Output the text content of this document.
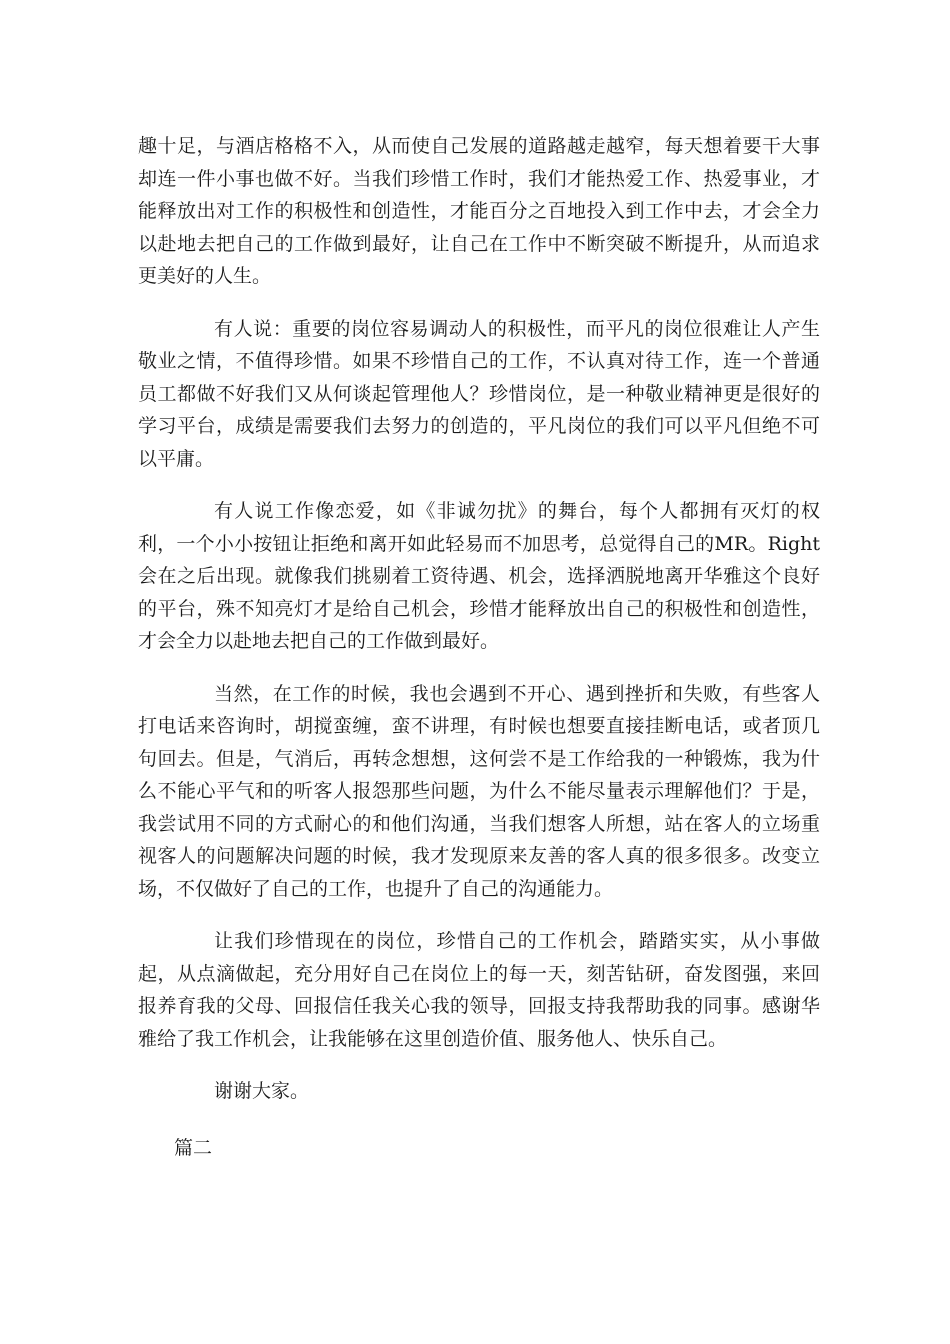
趣十足，与酒店格格不入，从而使自己发展的道路越走越窄，每天想着要干大事却连一件小事也做不好。当我们珍惜工作时，我们才能热爱工作、热爱事业，才能释放出对工作的积极性和创造性，才能百分之百地投入到工作中去，才会全力以赴地去把自己的工作做到最好，让自己在工作中不断突破不断提升，从而追求更美好的人生。

有人说：重要的岗位容易调动人的积极性，而平凡的岗位很难让人产生敬业之情，不值得珍惜。如果不珍惜自己的工作，不认真对待工作，连一个普通员工都做不好我们又从何谈起管理他人？珍惜岗位，是一种敬业精神更是很好的学习平台，成绩是需要我们去努力的创造的，平凡岗位的我们可以平凡但绝不可以平庸。

有人说工作像恋爱，如《非诚勿扰》的舞台，每个人都拥有灭灯的权利，一个小小按钮让拒绝和离开如此轻易而不加思考，总觉得自己的MR。Right会在之后出现。就像我们挑剔着工资待遇、机会，选择洒脱地离开华雅这个良好的平台，殊不知亮灯才是给自己机会，珍惜才能释放出自己的积极性和创造性，才会全力以赴地去把自己的工作做到最好。

当然，在工作的时候，我也会遇到不开心、遇到挫折和失败，有些客人打电话来咨询时，胡搅蛮缠，蛮不讲理，有时候也想要直接挂断电话，或者顶几句回去。但是，气消后，再转念想想，这何尝不是工作给我的一种锻炼，我为什么不能心平气和的听客人报怨那些问题，为什么不能尽量表示理解他们？于是，我尝试用不同的方式耐心的和他们沟通，当我们想客人所想，站在客人的立场重视客人的问题解决问题的时候，我才发现原来友善的客人真的很多很多。改变立场，不仅做好了自己的工作，也提升了自己的沟通能力。

让我们珍惜现在的岗位，珍惜自己的工作机会，踏踏实实，从小事做起，从点滴做起，充分用好自己在岗位上的每一天，刻苦钻研，奋发图强，来回报养育我的父母、回报信任我关心我的领导，回报支持我帮助我的同事。感谢华雅给了我工作机会，让我能够在这里创造价值、服务他人、快乐自己。

谢谢大家。

篇二
